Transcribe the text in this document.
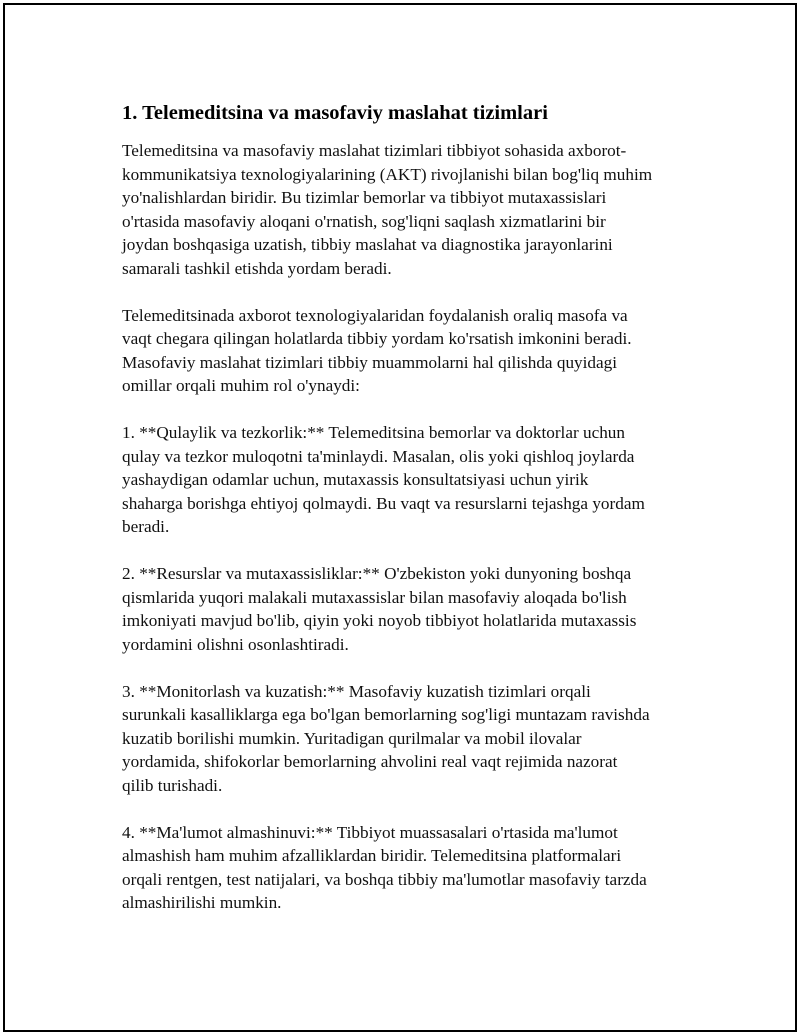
1. Telemeditsina va masofaviy maslahat tizimlari

Telemeditsina va masofaviy maslahat tizimlari tibbiyot sohasida axborot-
kommunikatsiya texnologiyalarining (AKT) rivojlanishi bilan bog'liq muhim
yo'nalishlardan biridir. Bu tizimlar bemorlar va tibbiyot mutaxassislari
o'rtasida masofaviy aloqani o'rnatish, sog'liqni saqlash xizmatlarini bir
joydan boshqasiga uzatish, tibbiy maslahat va diagnostika jarayonlarini
samarali tashkil etishda yordam beradi.

Telemeditsinada axborot texnologiyalaridan foydalanish oraliq masofa va
vaqt chegara qilingan holatlarda tibbiy yordam ko'rsatish imkonini beradi.
Masofaviy maslahat tizimlari tibbiy muammolarni hal qilishda quyidagi
omillar orqali muhim rol o'ynaydi:

1. **Qulaylik va tezkorlik:** Telemeditsina bemorlar va doktorlar uchun
qulay va tezkor muloqotni ta'minlaydi. Masalan, olis yoki qishloq joylarda
yashaydigan odamlar uchun, mutaxassis konsultatsiyasi uchun yirik
shaharga borishga ehtiyoj qolmaydi. Bu vaqt va resurslarni tejashga yordam
beradi.

2. **Resurslar va mutaxassisliklar:** O'zbekiston yoki dunyoning boshqa
qismlarida yuqori malakali mutaxassislar bilan masofaviy aloqada bo'lish
imkoniyati mavjud bo'lib, qiyin yoki noyob tibbiyot holatlarida mutaxassis
yordamini olishni osonlashtiradi.

3. **Monitorlash va kuzatish:** Masofaviy kuzatish tizimlari orqali
surunkali kasalliklarga ega bo'lgan bemorlarning sog'ligi muntazam ravishda
kuzatib borilishi mumkin. Yuritadigan qurilmalar va mobil ilovalar
yordamida, shifokorlar bemorlarning ahvolini real vaqt rejimida nazorat
qilib turishadi.

4. **Ma'lumot almashinuvi:** Tibbiyot muassasalari o'rtasida ma'lumot
almashish ham muhim afzalliklardan biridir. Telemeditsina platformalari
orqali rentgen, test natijalari, va boshqa tibbiy ma'lumotlar masofaviy tarzda
almashirilishi mumkin.
